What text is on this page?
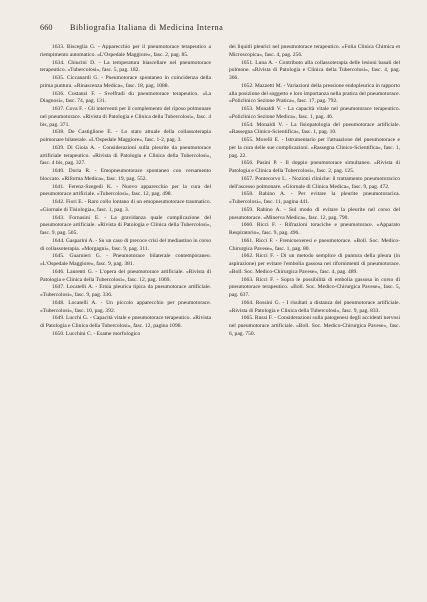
660 Bibliografia Italiana di Medicina Interna

1633. Bisceglia G. - Apparecchio per il pneumotorace terapeutico a riempimento automatico. «L'Ospedale Maggiore», fasc. 2, pag. 85.

1634. Chiucini D. - La temperatura biascellare nel pneumotorace terapeutico. «Tubercolosi», fasc. 5, pag. 182.

1635. Ciccanardi G. - Pneumotorace spontaneo in coincidenza della prima puntura. «Rinascenza Medica», fasc. 18, pag. 1088.

1636. Costanzi F. - Svelfradi du pneumotorace terapeutico. «La Diagnosi», fasc. 74, pag. 131.

1637. Cova F. - Gli interventi per il complemento del riposo polmonare nel pneumotorace. «Rivista di Patologia e Clinica della Tubercolosi», fasc. 4 bis, pag. 371.

1638. De Castiglione E. - Lo stato attuale della collassoterapia polmonare bilaterale. «L'Ospedale Maggiore», fasc. 1-2, pag. 3.

1639. Di Gioia A. - Considerazioni sulla pleurite da pneumotorace artificiale terapeutico. «Rivista di Patologia e Clinica della Tubercolosi», fasc. 4 bis, pag. 327.

1640. Doria R. - Emopneumotorace spontaneo con versamento bloccato. «Riforma Medica», fasc. 19, pag. 552.

1641. Ferenz-Szegedi K. - Nuovo apparecchio per la cura del pneumotorace artificiale. «Tubercolosi», fasc. 12, pag. 498.

1642. Fiori E. - Raro collo lontano di un emopneumotorace traumatico. «Giornale di Tisiologia», fasc. 1, pag. 3.

1643. Fornasini E. - La gravidanza quale complicazione del pneumotorace artificiale. «Rivista di Patologia e Clinica della Tubercolosi», fasc. 9, pag. 505.

1644. Gasparini A. - Su un caso di precoce crisi del mediastino in corso di collassoterapia. «Morgagni», fasc. 9, pag. 311.

1645. Guarnieri G. - Pneumotorace bilaterale contemporaneo. «L'Ospedale Maggiore», fasc. 9, pag. 381.

1646. Laurenti G. - L'opera del pneumotorace artificiale. «Rivista di Patologia e Clinica della Tubercolosi», fasc. 12, pag. 1069.

1647. Locatelli A. - Ernia pleurica tipica da pneumotorace artificiale. «Tubercolosi», fasc. 9, pag. 336.

1648. Locatelli A. - Un piccolo apparecchio per pneumotorace. «Tubercolosi», fasc. 10, pag. 392.

1649. Lucchi G. - Capacità vitale e pneumotorace terapeutico. «Rivista di Patologia e Clinica della Tubercolosi», fasc. 12, pagina 1098.

1650. Lucchini C. - Esame morfologico

dei liquidi pleurici nel pneumotorace terapeutico. «Folia Clinica Chimica et Microscopica», fasc. 4, pag. 256.

1651. Luna A. - Contributo alla collassoterapia delle lesioni basali del polmone. «Rivista di Patologia e Clinica della Tubercolosi», fasc. 4, pag. 366.

1652. Mazzetti M. - Variazioni della pressione endopleurica in rapporto alla posizione del soggetto e loro importanza nella pratica del pneumotorace. «Policlinico Sezione Pratica», fasc. 17, pag. 792.

1653. Monaldi V. - La capacità vitale nel pneumotorace terapeutico. «Policlinico Sezione Medica», fasc. 1, pag. 46.

1654. Monaldi V. - La fisiopatologia del pneumotorace artificiale. «Rassegna Clinico-Scientifica», fasc. 1, pag. 10.

1655. Morelli E. - Istrumentario per l'attuazione del pneumotorace e per la cura delle sue complicazioni. «Rassegna Clinico-Scientifica», fasc. 1, pag. 22.

1656. Pasini P. - Il doppio pneumotorace simultaneo. «Rivista di Patologia e Clinica della Tubercolosi», fasc. 2, pag. 125.

1657. Pontecorvo L. - Nozioni cliniche: il trattamento pneumotoracico dell'ascesso polmonare. «Giornale di Clinica Medica», fasc. 9, pag. 472.

1658. Rabino A. - Per evitare la pleurite pneumotoracica. «Tubercolosi», fasc. 11, pagina 441.

1659. Rabino A. - Sul modo di evitare la pleurite nel corso del pneumotorace. «Minerva Medica», fasc. 12, pag. 790.

1660. Ricci F. - Rifrazioni toraciche e pneumotorace. «Apparato Respiratorio», fasc. 9, pag. 496.

1661. Ricci F. - Frenicoexeresi e pneumotorace. «Boll. Soc. Medico-Chirurgica Pavese», fasc. 1, pag. 80.

1662. Ricci F. - Di un metodo semplice di puntura della pleura (in aspirazione) per evitare l'embolia gassosa nei rifornimenti di pneumotorace. «Boll. Soc. Medico-Chirurgica Pavese», fasc. 4, pag. 489.

1663. Ricci F. - Sopra le possibilità di embolia gassosa in corso di pneumotorace terapeutico. «Boll. Soc. Medico-Chirurgica Pavese», fasc. 5, pag. 637.

1664. Rossini G. - I risultati a distanza del pneumotorace artificiale. «Rivista di Patologia e Clinica della Tubercolosi», fasc. 9, pag. 833.

1665. Russi F. - Considerazioni sulla patogenesi degli accidenti nervosi nel pneumotorace artificiale. «Boll. Soc. Medico-Chirurgica Pavese», fasc. 6, pag. 750.
